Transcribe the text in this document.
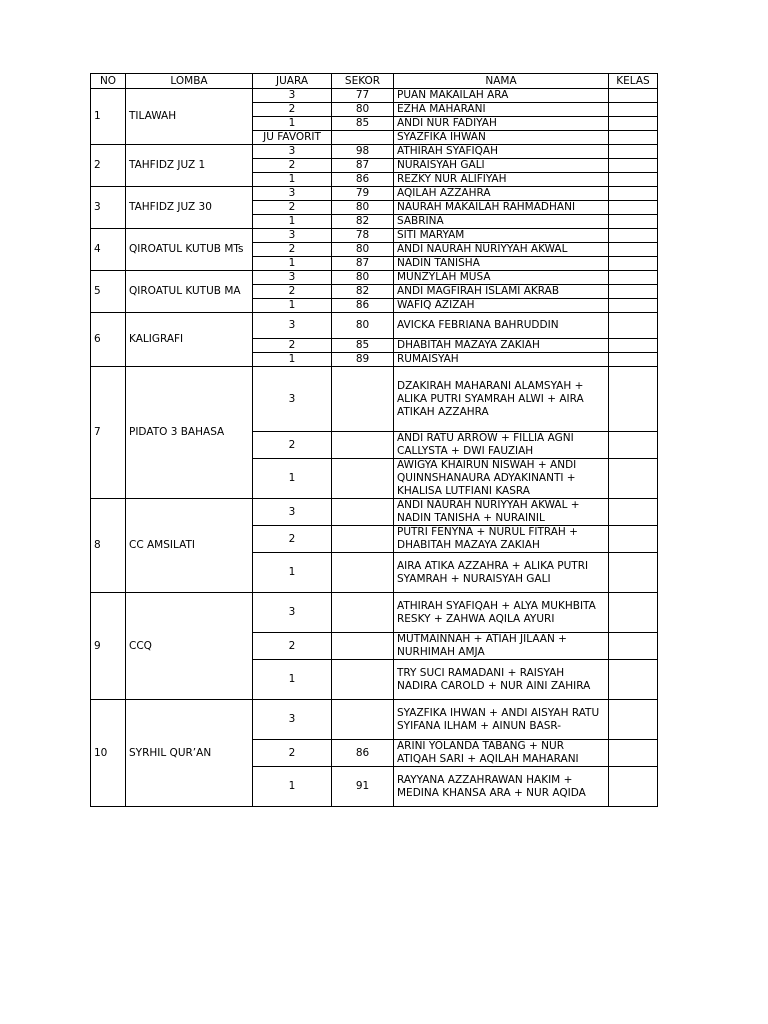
NO	LOMBA	JUARA	SEKOR	NAMA	KELAS
1	TILAWAH	3	77	PUAN MAKAILAH ARA	
		2	80	EZHA MAHARANI	
		1	85	ANDI NUR FADIYAH	
		JU FAVORIT		SYAZFIKA IHWAN	
2	TAHFIDZ JUZ 1	3	98	ATHIRAH SYAFIQAH	
		2	87	NURAISYAH GALI	
		1	86	REZKY NUR ALIFIYAH	
3	TAHFIDZ JUZ 30	3	79	AQILAH AZZAHRA	
		2	80	NAURAH MAKAILAH RAHMADHANI	
		1	82	SABRINA	
4	QIROATUL KUTUB MTs	3	78	SITI MARYAM	
		2	80	ANDI NAURAH NURIYYAH AKWAL	
		1	87	NADIN TANISHA	
5	QIROATUL KUTUB MA	3	80	MUNZYLAH MUSA	
		2	82	ANDI MAGFIRAH ISLAMI AKRAB	
		1	86	WAFIQ AZIZAH	
6	KALIGRAFI	3	80	AVICKA FEBRIANA BAHRUDDIN	
		2	85	DHABITAH MAZAYA ZAKIAH	
		1	89	RUMAISYAH	
7	PIDATO 3 BAHASA	3		DZAKIRAH MAHARANI ALAMSYAH + ALIKA PUTRI SYAMRAH ALWI + AIRA ATIKAH AZZAHRA	
		2		ANDI RATU ARROW + FILLIA AGNI CALLYSTA + DWI FAUZIAH	
		1		AWIGYA KHAIRUN NISWAH + ANDI QUINNSHANAURA ADYAKINANTI + KHALISA LUTFIANI KASRA	
8	CC AMSILATI	3		ANDI NAURAH NURIYYAH AKWAL + NADIN TANISHA + NURAINIL	
		2		PUTRI FENYNA + NURUL FITRAH + DHABITAH MAZAYA ZAKIAH	
		1		AIRA ATIKA AZZAHRA + ALIKA PUTRI SYAMRAH + NURAISYAH GALI	
9	CCQ	3		ATHIRAH SYAFIQAH + ALYA MUKHBITA RESKY + ZAHWA AQILA AYURI	
		2		MUTMAINNAH + ATIAH JILAAN + NURHIMAH AMJA	
		1		TRY SUCI RAMADANI + RAISYAH NADIRA CAROLD + NUR AINI ZAHIRA	
10	SYRHIL QUR’AN	3		SYAZFIKA IHWAN + ANDI AISYAH RATU SYIFANA ILHAM + AINUN BASR-	
		2	86	ARINI YOLANDA TABANG + NUR ATIQAH SARI + AQILAH MAHARANI	
		1	91	RAYYANA AZZAHRAWAN HAKIM + MEDINA KHANSA ARA + NUR AQIDA	
